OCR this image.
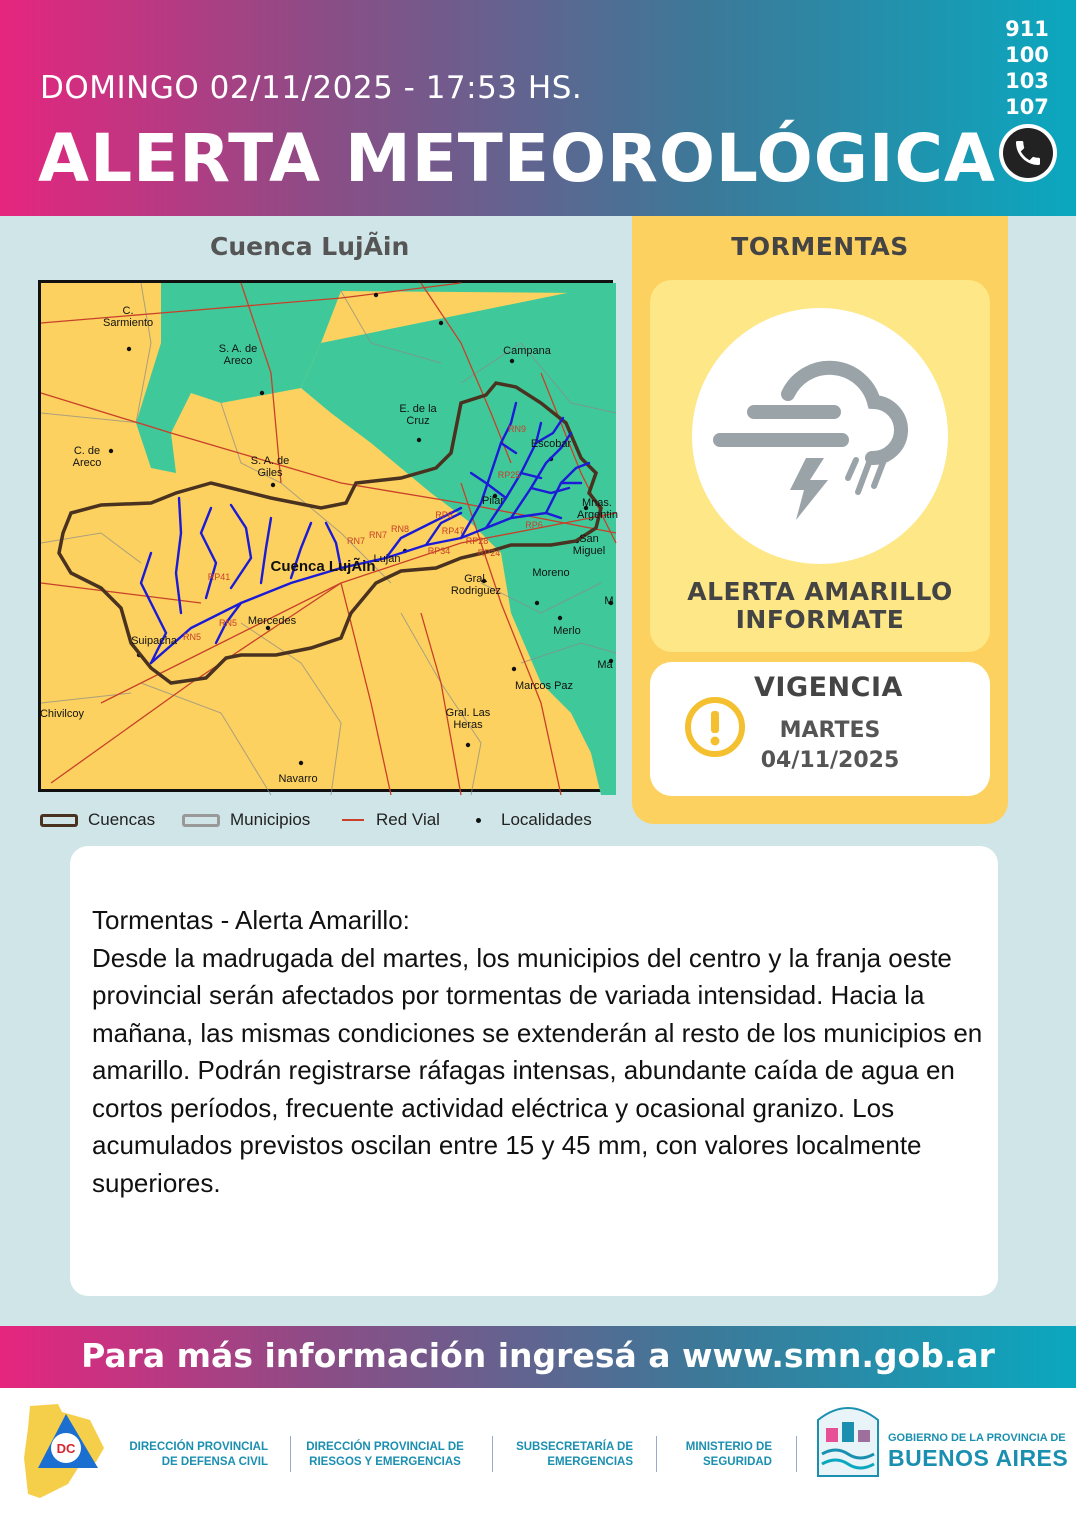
DOMINGO 02/11/2025 - 17:53 HS.
ALERTA METEOROLÓGICA
911
100
103
107
Cuenca LujÃin
C. Sarmiento
S. A. de Areco
Campana
E. de la Cruz
Escobar
C. de Areco	S. A. de Giles
Pilar	Mnas. Argentin
San Miguel
Lujan
Moreno
Gral. Rodriguez
Mercedes
Suipacha
Merlo
Marcos Paz
Chivilcoy	Gral. Las Heras
Navarro
Ma
M
Cuenca LujÃin
RN7
RN7
RN8
RP6
RP25
RP6
RN9
RN5
RN5
RP41
RP47
RP34
RP28
RP24
Cuencas	Municipios	Red Vial	Localidades
TORMENTAS
ALERTA AMARILLO
INFORMATE
VIGENCIA
MARTES
04/11/2025

Tormentas - Alerta Amarillo:
Desde la madrugada del martes, los municipios del centro y la franja oeste provincial serán afectados por tormentas de variada intensidad. Hacia la mañana, las mismas condiciones se extenderán al resto de los municipios en amarillo. Podrán registrarse ráfagas intensas, abundante caída de agua en cortos períodos, frecuente actividad eléctrica y ocasional granizo. Los acumulados previstos oscilan entre 15 y 45 mm, con valores localmente superiores.

Para más información ingresá a www.smn.gob.ar
DC	DIRECCIÓN PROVINCIAL
DE DEFENSA CIVIL
DIRECCIÓN PROVINCIAL DE
RIESGOS Y EMERGENCIAS
SUBSECRETARÍA DE
EMERGENCIAS
MINISTERIO DE
SEGURIDAD
GOBIERNO DE LA PROVINCIA DE
BUENOS AIRES
